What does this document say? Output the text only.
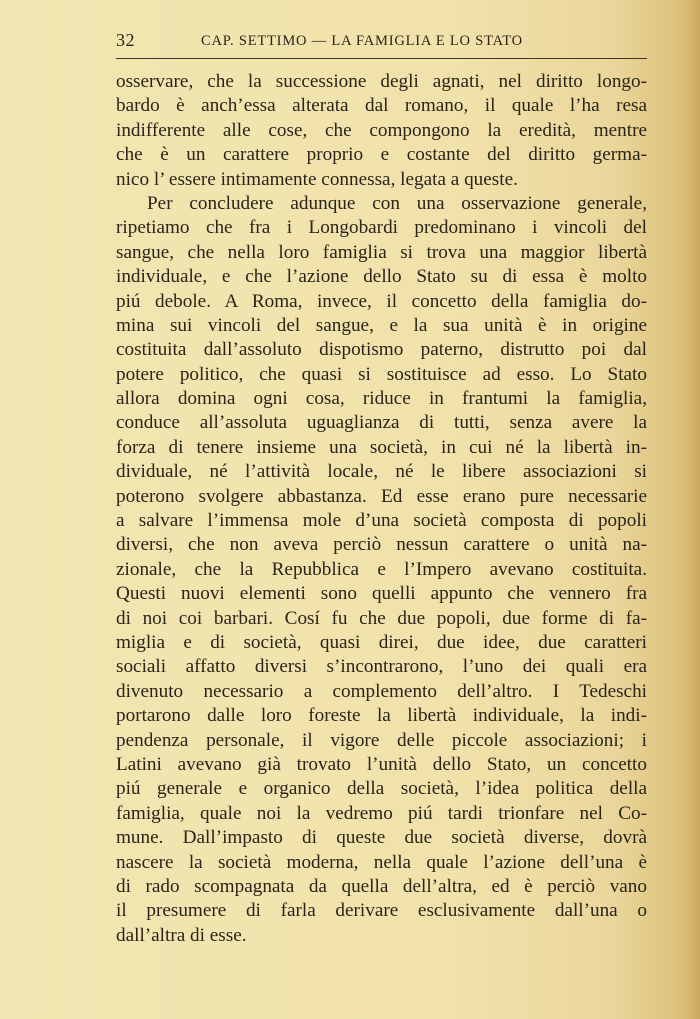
32	CAP. SETTIMO — LA FAMIGLIA E LO STATO
osservare, che la successione degli agnati, nel diritto longo-
bardo è anch’essa alterata dal romano, il quale l’ha resa
indifferente alle cose, che compongono la eredità, mentre
che è un carattere proprio e costante del diritto germa-
nico l’ essere intimamente connessa, legata a queste.
Per concludere adunque con una osservazione generale,
ripetiamo che fra i Longobardi predominano i vincoli del
sangue, che nella loro famiglia si trova una maggior libertà
individuale, e che l’azione dello Stato su di essa è molto
piú debole. A Roma, invece, il concetto della famiglia do-
mina sui vincoli del sangue, e la sua unità è in origine
costituita dall’assoluto dispotismo paterno, distrutto poi dal
potere politico, che quasi si sostituisce ad esso. Lo Stato
allora domina ogni cosa, riduce in frantumi la famiglia,
conduce all’assoluta uguaglianza di tutti, senza avere la
forza di tenere insieme una società, in cui né la libertà in-
dividuale, né l’attività locale, né le libere associazioni si
poterono svolgere abbastanza. Ed esse erano pure necessarie
a salvare l’immensa mole d’una società composta di popoli
diversi, che non aveva perciò nessun carattere o unità na-
zionale, che la Repubblica e l’Impero avevano costituita.
Questi nuovi elementi sono quelli appunto che vennero fra
di noi coi barbari. Cosí fu che due popoli, due forme di fa-
miglia e di società, quasi direi, due idee, due caratteri
sociali affatto diversi s’incontrarono, l’uno dei quali era
divenuto necessario a complemento dell’altro. I Tedeschi
portarono dalle loro foreste la libertà individuale, la indi-
pendenza personale, il vigore delle piccole associazioni; i
Latini avevano già trovato l’unità dello Stato, un concetto
piú generale e organico della società, l’idea politica della
famiglia, quale noi la vedremo piú tardi trionfare nel Co-
mune. Dall’impasto di queste due società diverse, dovrà
nascere la società moderna, nella quale l’azione dell’una è
di rado scompagnata da quella dell’altra, ed è perciò vano
il presumere di farla derivare esclusivamente dall’una o
dall’altra di esse.
